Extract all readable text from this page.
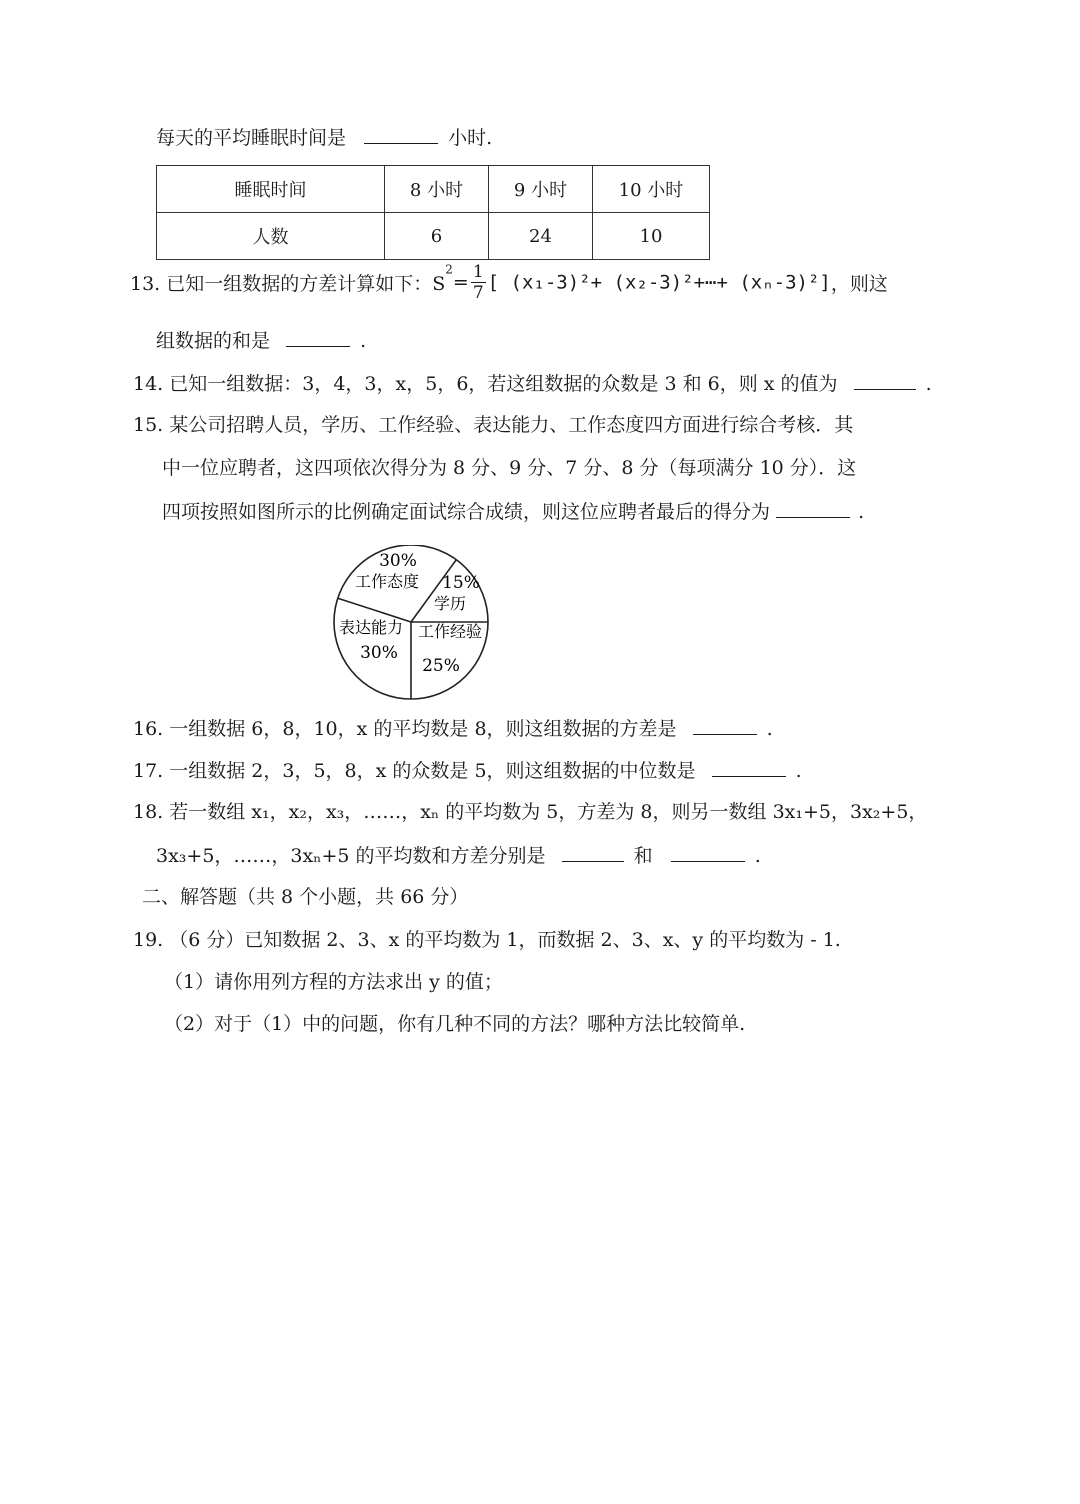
每天的平均睡眠时间是	小时.
睡眠时间	8 小时	9 小时	10 小时
人数	6	24	10
13. 已知一组数据的方差计算如下：$S^2= \frac{1}{7}$ [ (x₁-3)²+ (x₂-3)²+⋯+ (xₙ-3)²]，则这
组数据的和是	.
14. 已知一组数据：3，4，3，x，5，6，若这组数据的众数是 3 和 6，则 x 的值为	.
15. 某公司招聘人员，学历、工作经验、表达能力、工作态度四方面进行综合考核．其
中一位应聘者，这四项依次得分为 8 分、9 分、7 分、8 分（每项满分 10 分）．这
四项按照如图所示的比例确定面试综合成绩，则这位应聘者最后的得分为	.
30%
工作态度 15%
学历
工作经验
25%
表达能力
30%
16. 一组数据 6，8，10，x 的平均数是 8，则这组数据的方差是	.
17. 一组数据 2，3，5，8，x 的众数是 5，则这组数据的中位数是	.
18. 若一数组 x₁，x₂，x₃，……，xₙ 的平均数为 5，方差为 8，则另一数组 3x₁+5，3x₂+5，
3x₃+5，……，3xₙ+5 的平均数和方差分别是	和	.
二、解答题（共 8 个小题，共 66 分）
19. （6 分）已知数据 2、3、x 的平均数为 1，而数据 2、3、x、y 的平均数为 - 1.
（1）请你用列方程的方法求出 y 的值；
（2）对于（1）中的问题，你有几种不同的方法？哪种方法比较简单.
